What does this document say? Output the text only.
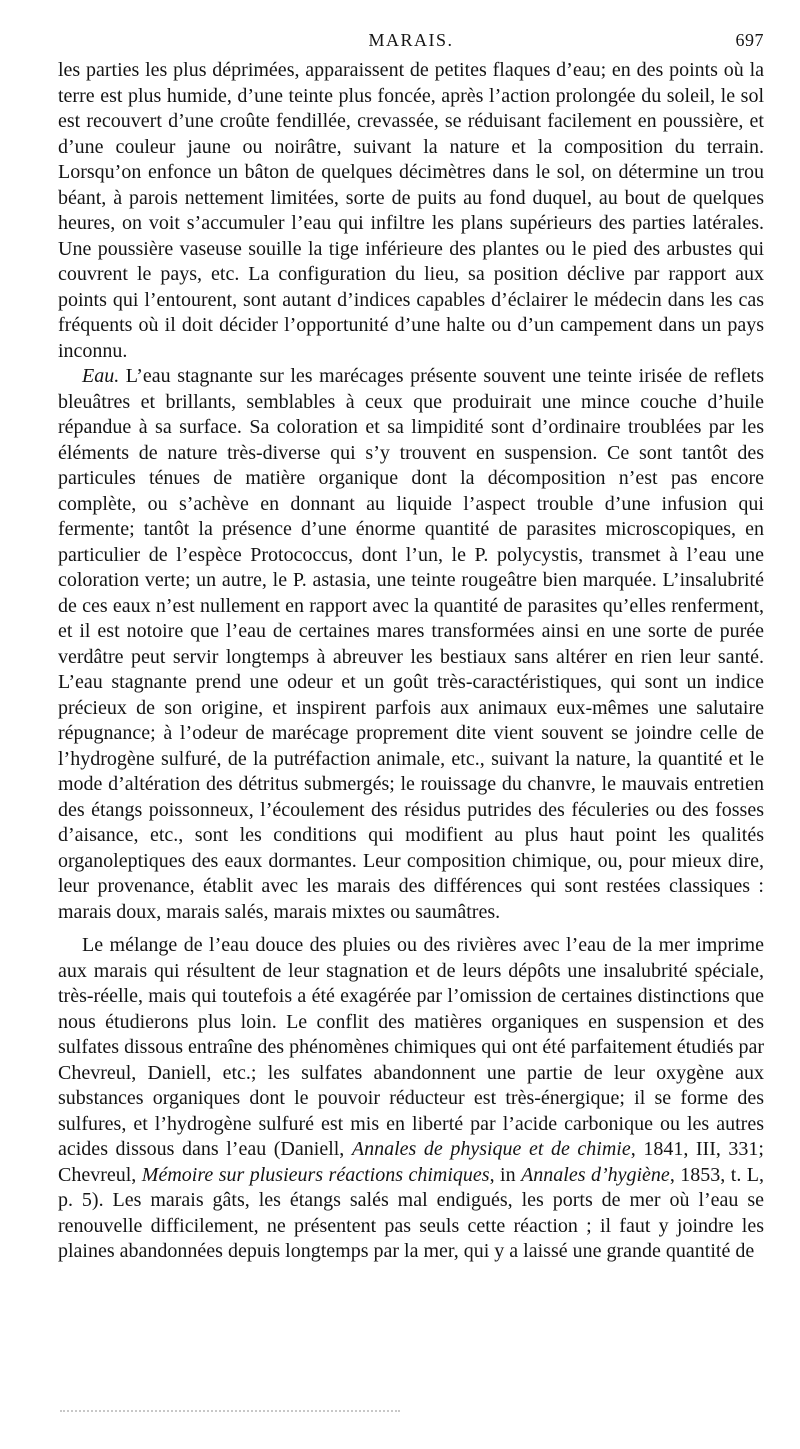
MARAIS.	697

les parties les plus déprimées, apparaissent de petites flaques d’eau; en des points où la terre est plus humide, d’une teinte plus foncée, après l’action prolongée du soleil, le sol est recouvert d’une croûte fendillée, crevassée, se réduisant facilement en poussière, et d’une couleur jaune ou noirâtre, suivant la nature et la composition du terrain. Lorsqu’on enfonce un bâton de quelques décimètres dans le sol, on détermine un trou béant, à parois nettement limitées, sorte de puits au fond duquel, au bout de quelques heures, on voit s’accumuler l’eau qui infiltre les plans supérieurs des parties latérales. Une poussière vaseuse souille la tige inférieure des plantes ou le pied des arbustes qui couvrent le pays, etc. La configuration du lieu, sa position déclive par rapport aux points qui l’entourent, sont autant d’indices capables d’éclairer le médecin dans les cas fréquents où il doit décider l’opportunité d’une halte ou d’un campement dans un pays inconnu.

Eau. L’eau stagnante sur les marécages présente souvent une teinte irisée de reflets bleuâtres et brillants, semblables à ceux que produirait une mince couche d’huile répandue à sa surface. Sa coloration et sa limpidité sont d’ordinaire troublées par les éléments de nature très-diverse qui s’y trouvent en suspension. Ce sont tantôt des particules ténues de matière organique dont la décomposition n’est pas encore complète, ou s’achève en donnant au liquide l’aspect trouble d’une infusion qui fermente; tantôt la présence d’une énorme quantité de parasites microscopiques, en particulier de l’espèce Protococcus, dont l’un, le P. polycystis, transmet à l’eau une coloration verte; un autre, le P. astasia, une teinte rougeâtre bien marquée. L’insalubrité de ces eaux n’est nullement en rapport avec la quantité de parasites qu’elles renferment, et il est notoire que l’eau de certaines mares transformées ainsi en une sorte de purée verdâtre peut servir longtemps à abreuver les bestiaux sans altérer en rien leur santé. L’eau stagnante prend une odeur et un goût très-caractéristiques, qui sont un indice précieux de son origine, et inspirent parfois aux animaux eux-mêmes une salutaire répugnance; à l’odeur de marécage proprement dite vient souvent se joindre celle de l’hydrogène sulfuré, de la putréfaction animale, etc., suivant la nature, la quantité et le mode d’altération des détritus submergés; le rouissage du chanvre, le mauvais entretien des étangs poissonneux, l’écoulement des résidus putrides des féculeries ou des fosses d’aisance, etc., sont les conditions qui modifient au plus haut point les qualités organoleptiques des eaux dormantes. Leur composition chimique, ou, pour mieux dire, leur provenance, établit avec les marais des différences qui sont restées classiques : marais doux, marais salés, marais mixtes ou saumâtres.

Le mélange de l’eau douce des pluies ou des rivières avec l’eau de la mer imprime aux marais qui résultent de leur stagnation et de leurs dépôts une insalubrité spéciale, très-réelle, mais qui toutefois a été exagérée par l’omission de certaines distinctions que nous étudierons plus loin. Le conflit des matières organiques en suspension et des sulfates dissous entraîne des phénomènes chimiques qui ont été parfaitement étudiés par Chevreul, Daniell, etc.; les sulfates abandonnent une partie de leur oxygène aux substances organiques dont le pouvoir réducteur est très-énergique; il se forme des sulfures, et l’hydrogène sulfuré est mis en liberté par l’acide carbonique ou les autres acides dissous dans l’eau (Daniell, Annales de physique et de chimie, 1841, III, 331; Chevreul, Mémoire sur plusieurs réactions chimiques, in Annales d’hygiène, 1853, t. L, p. 5). Les marais gâts, les étangs salés mal endigués, les ports de mer où l’eau se renouvelle difficilement, ne présentent pas seuls cette réaction ; il faut y joindre les plaines abandonnées depuis longtemps par la mer, qui y a laissé une grande quantité de
